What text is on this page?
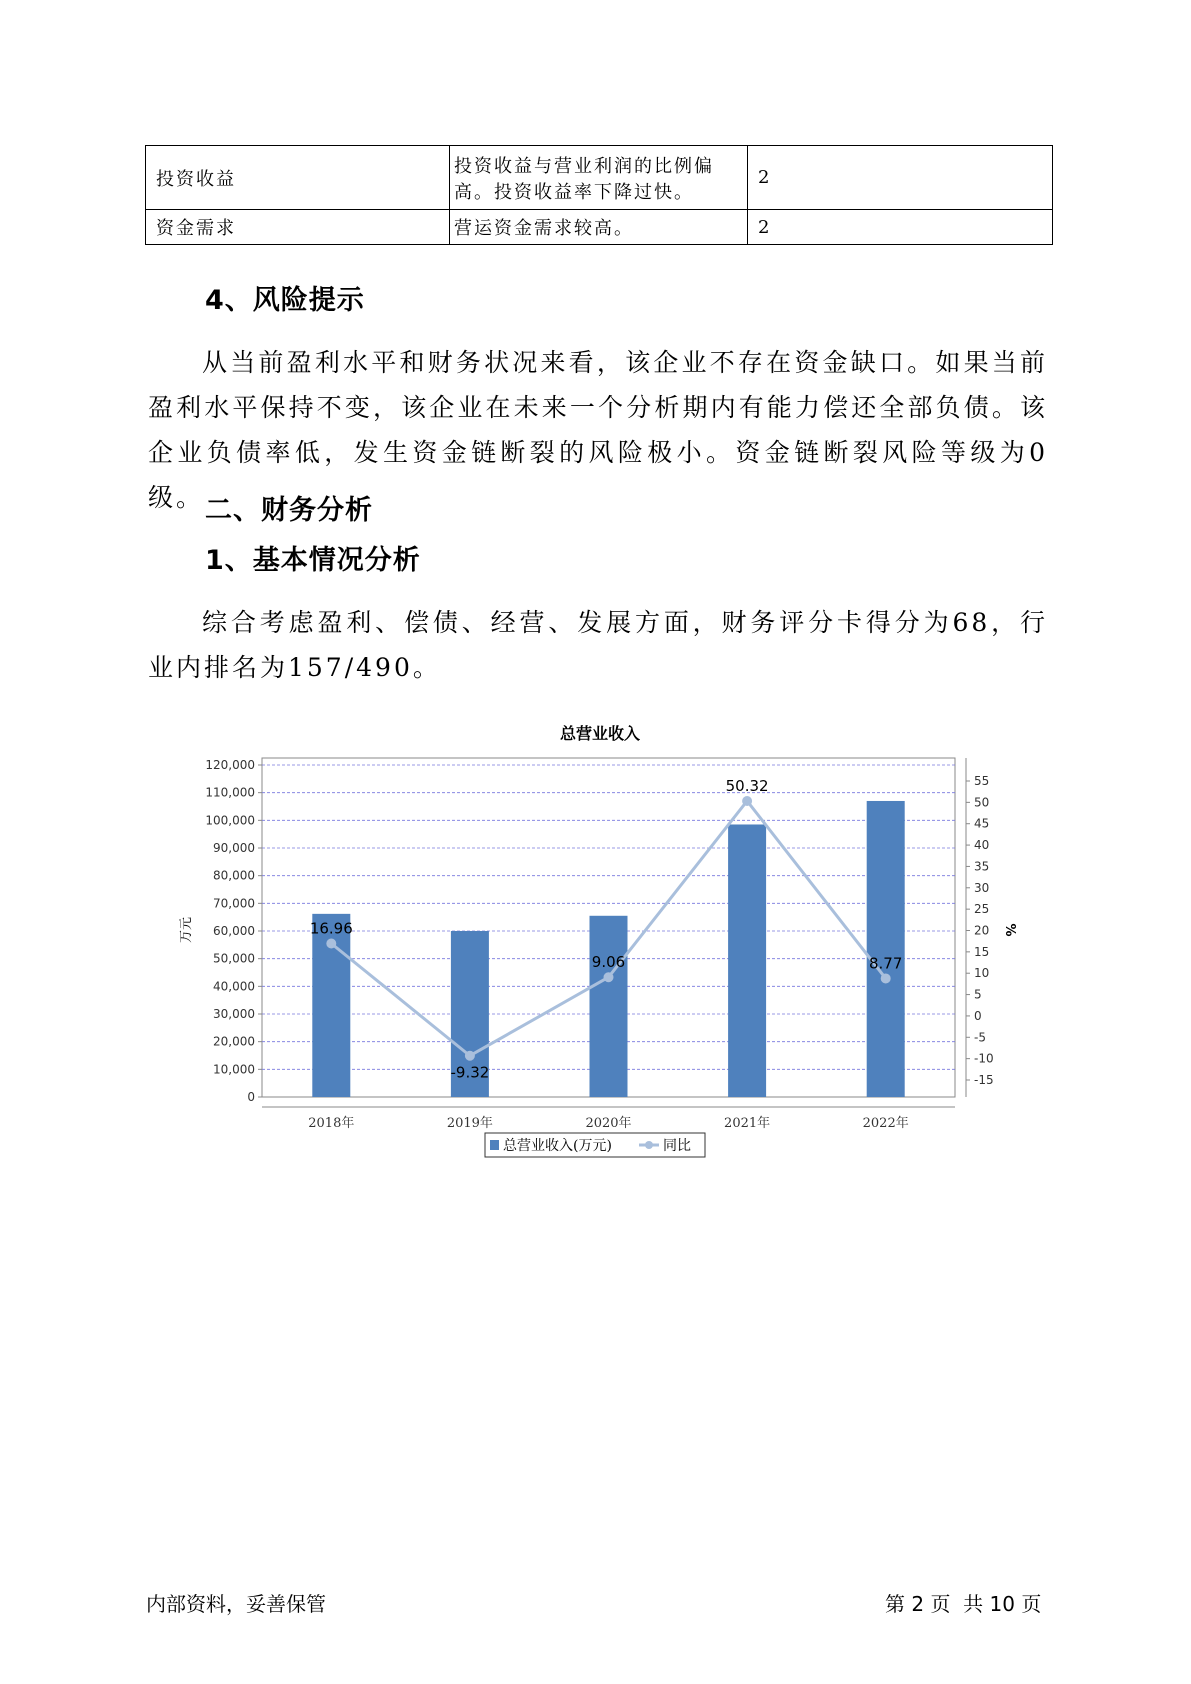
投资收益	投资收益与营业利润的比例偏高。投资收益率下降过快。	2
资金需求	营运资金需求较高。	2
4、风险提示

从当前盈利水平和财务状况来看，该企业不存在资金缺口。如果当前盈利水平保持不变，该企业在未来一个分析期内有能力偿还全部负债。该企业负债率低，发生资金链断裂的风险极小。资金链断裂风险等级为0级。 二、财务分析
1、基本情况分析

综合考虑盈利、偿债、经营、发展方面，财务评分卡得分为68，行业内排名为157/490。

总营业收入
0
10,000
20,000
30,000
40,000
50,000
60,000
70,000
80,000
90,000
100,000
110,000
120,000
-15
-10
-5
0
5
10
15
20
25
30
35
40
45
50
55
万元	%
2018年	2019年	2020年	2021年	2022年
16.96
-9.32
9.06
50.32
8.77
总营业收入(万元)	同比
内部资料，妥善保管	第 2 页  共 10 页
